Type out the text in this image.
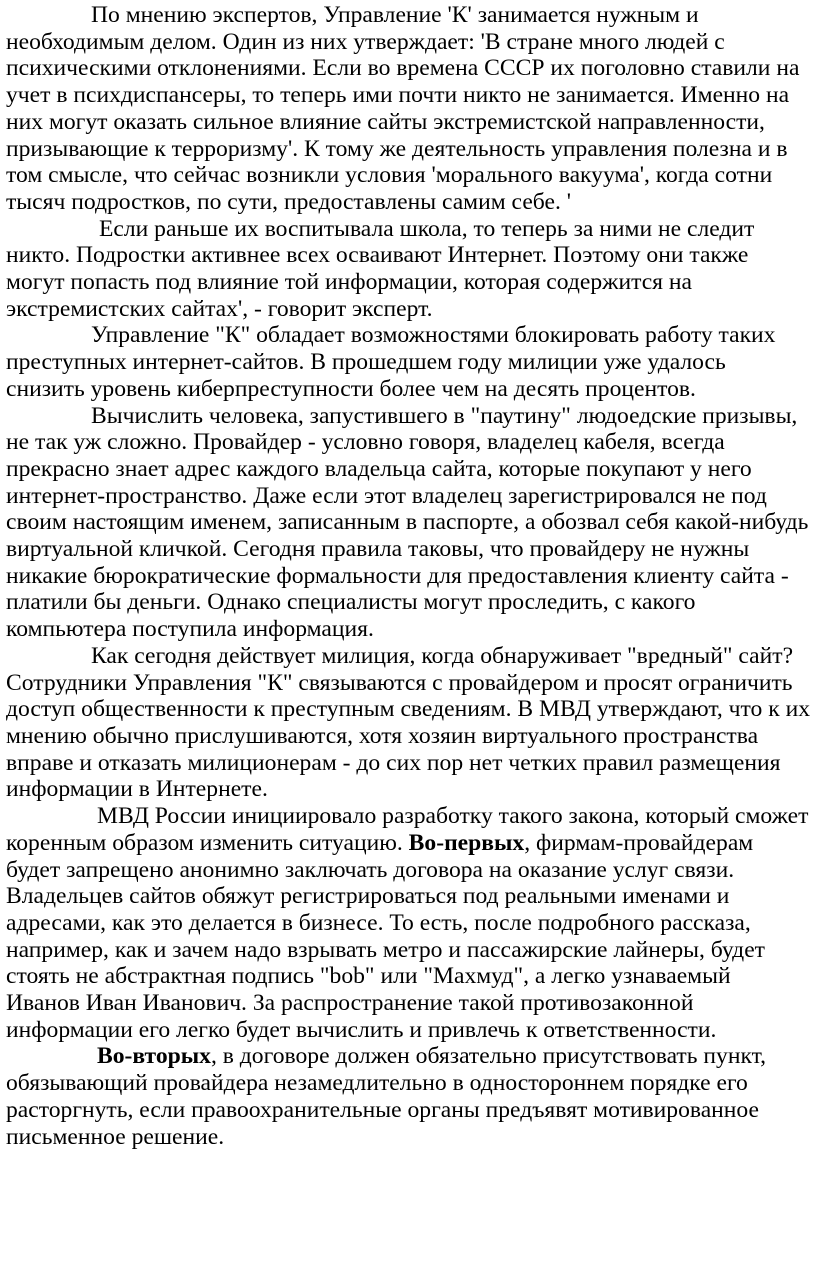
По мнению экспертов, Управление 'К' занимается нужным и необходимым делом. Один из них утверждает: 'В стране много людей с психическими отклонениями. Если во времена СССР их поголовно ставили на учет в психдиспансеры, то теперь ими почти никто не занимается. Именно на них могут оказать сильное влияние сайты экстремистской направленности, призывающие к терроризму'. К тому же деятельность управления полезна и в том смысле, что сейчас возникли условия 'морального вакуума', когда сотни тысяч подростков, по сути, предоставлены самим себе. '

Если раньше их воспитывала школа, то теперь за ними не следит никто. Подростки активнее всех осваивают Интернет. Поэтому они также могут попасть под влияние той информации, которая содержится на экстремистских сайтах', - говорит эксперт.

Управление "К" обладает возможностями блокировать работу таких преступных интернет-сайтов. В прошедшем году милиции уже удалось снизить уровень киберпреступности более чем на десять процентов.

Вычислить человека, запустившего в "паутину" людоедские призывы, не так уж сложно. Провайдер - условно говоря, владелец кабеля, всегда прекрасно знает адрес каждого владельца сайта, которые покупают у него интернет-пространство. Даже если этот владелец зарегистрировался не под своим настоящим именем, записанным в паспорте, а обозвал себя какой-нибудь виртуальной кличкой. Сегодня правила таковы, что провайдеру не нужны никакие бюрократические формальности для предоставления клиенту сайта - платили бы деньги. Однако специалисты могут проследить, с какого компьютера поступила информация.

Как сегодня действует милиция, когда обнаруживает "вредный" сайт? Сотрудники Управления "К" связываются с провайдером и просят ограничить доступ общественности к преступным сведениям. В МВД утверждают, что к их мнению обычно прислушиваются, хотя хозяин виртуального пространства вправе и отказать милиционерам - до сих пор нет четких правил размещения информации в Интернете.

МВД России инициировало разработку такого закона, который сможет коренным образом изменить ситуацию. Во-первых, фирмам-провайдерам будет запрещено анонимно заключать договора на оказание услуг связи. Владельцев сайтов обяжут регистрироваться под реальными именами и адресами, как это делается в бизнесе. То есть, после подробного рассказа, например, как и зачем надо взрывать метро и пассажирские лайнеры, будет стоять не абстрактная подпись "bob" или "Махмуд", а легко узнаваемый Иванов Иван Иванович. За распространение такой противозаконной информации его легко будет вычислить и привлечь к ответственности.

Во-вторых, в договоре должен обязательно присутствовать пункт, обязывающий провайдера незамедлительно в одностороннем порядке его расторгнуть, если правоохранительные органы предъявят мотивированное письменное решение.
